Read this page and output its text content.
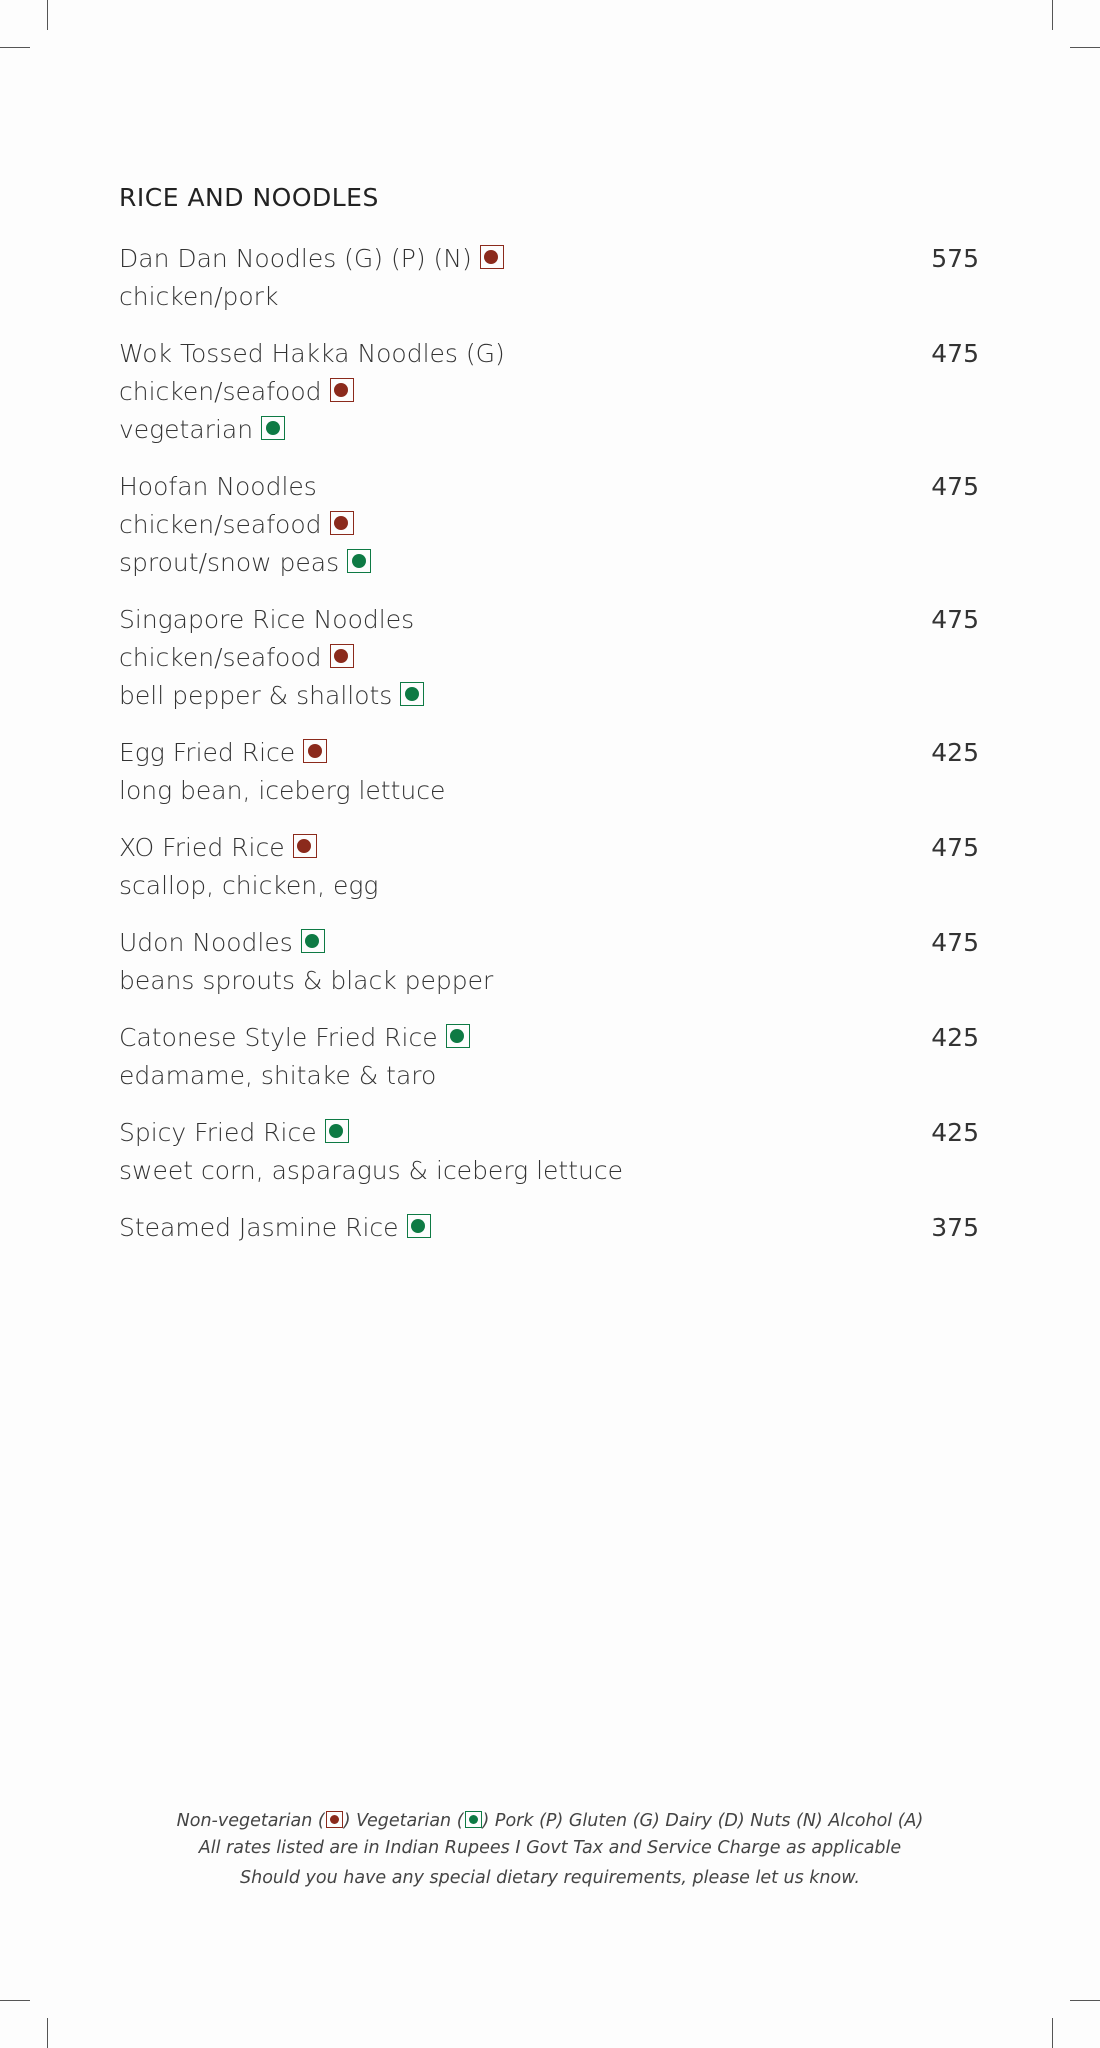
RICE AND NOODLES
Dan Dan Noodles (G) (P) (N)	575
chicken/pork
Wok Tossed Hakka Noodles (G)	475
chicken/seafood
vegetarian
Hoofan Noodles	475
chicken/seafood
sprout/snow peas
Singapore Rice Noodles	475
chicken/seafood
bell pepper & shallots
Egg Fried Rice	425
long bean, iceberg lettuce
XO Fried Rice	475
scallop, chicken, egg
Udon Noodles	475
beans sprouts & black pepper
Catonese Style Fried Rice	425
edamame, shitake & taro
Spicy Fried Rice	425
sweet corn, asparagus & iceberg lettuce
Steamed Jasmine Rice	375
Non-vegetarian ( ) Vegetarian ( ) Pork (P) Gluten (G) Dairy (D) Nuts (N) Alcohol (A)
All rates listed are in Indian Rupees I Govt Tax and Service Charge as applicable
Should you have any special dietary requirements, please let us know.
